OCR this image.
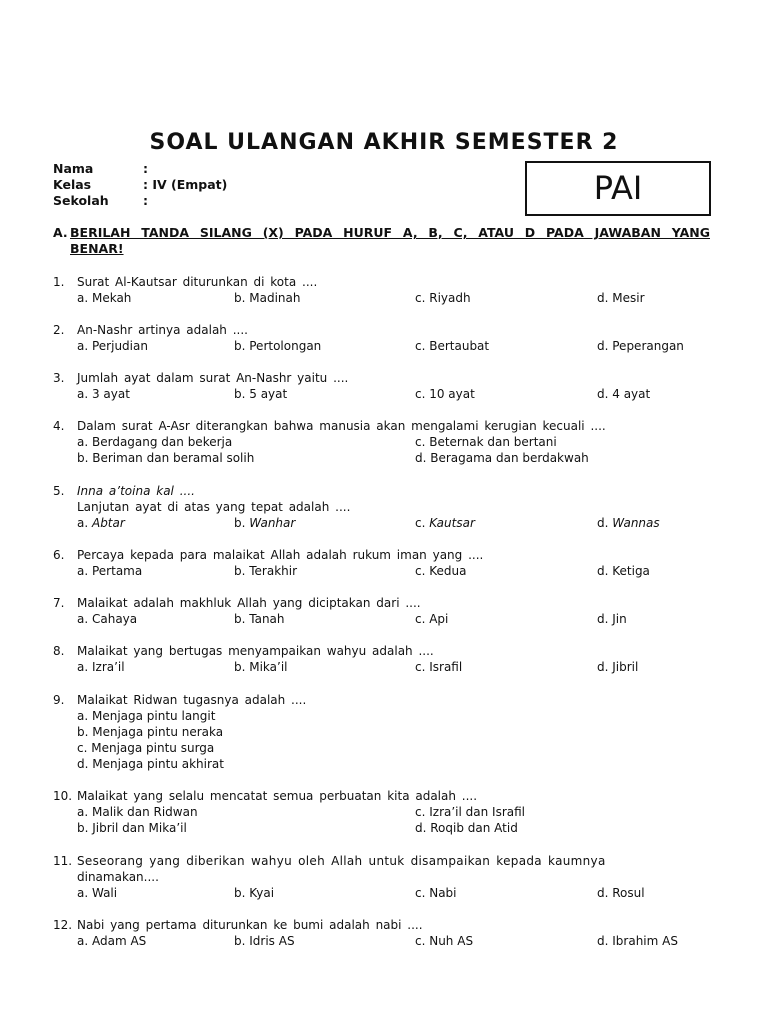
SOAL ULANGAN AKHIR SEMESTER 2
Nama	:
Kelas	: IV (Empat)
Sekolah	:	PAI
A. BERILAH TANDA SILANG (X) PADA HURUF A, B, C, ATAU D PADA JAWABAN YANG BENAR!
1. Surat Al-Kautsar diturunkan di kota ....
a. Mekah	b. Madinah	c. Riyadh	d. Mesir
2. An-Nashr artinya adalah ....
a. Perjudian	b. Pertolongan	c. Bertaubat	d. Peperangan
3. Jumlah ayat dalam surat An-Nashr yaitu ....
a. 3 ayat	b. 5 ayat	c. 10 ayat	d. 4 ayat
4. Dalam surat A-Asr diterangkan bahwa manusia akan mengalami kerugian kecuali ....
a. Berdagang dan bekerja
b. Beriman dan beramal solih
c. Beternak dan bertani
d. Beragama dan berdakwah
5. Inna a’toina kal ....
Lanjutan ayat di atas yang tepat adalah ....
a. Abtar	b. Wanhar	c. Kautsar	d. Wannas
6. Percaya kepada para malaikat Allah adalah rukum iman yang ....
a. Pertama	b. Terakhir	c. Kedua	d. Ketiga
7. Malaikat adalah makhluk Allah yang diciptakan dari ....
a. Cahaya	b. Tanah	c. Api	d. Jin
8. Malaikat yang bertugas menyampaikan wahyu adalah ....
a. Izra’il	b. Mika’il	c. Israfil	d. Jibril
9. Malaikat Ridwan tugasnya adalah ....
a. Menjaga pintu langit
b. Menjaga pintu neraka
c. Menjaga pintu surga
d. Menjaga pintu akhirat
10. Malaikat yang selalu mencatat semua perbuatan kita adalah ....
a. Malik dan Ridwan
b. Jibril dan Mika’il
c. Izra’il dan Israfil
d. Roqib dan Atid
11. Seseorang yang diberikan wahyu oleh Allah untuk disampaikan kepada kaumnya
dinamakan....
a. Wali	b. Kyai	c. Nabi	d. Rosul
12. Nabi yang pertama diturunkan ke bumi adalah nabi ....
a. Adam AS	b. Idris AS	c. Nuh AS	d. Ibrahim AS
